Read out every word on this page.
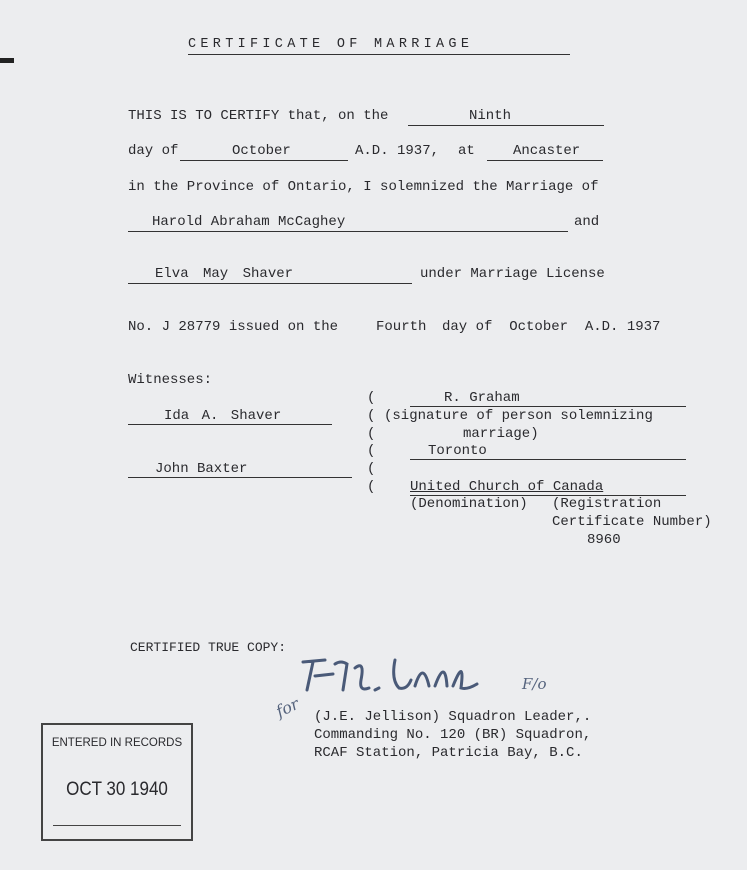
CERTIFICATE OF MARRIAGE
THIS IS TO CERTIFY that, on the	Ninth
day of	October	A.D. 1937, at	Ancaster
in the Province of Ontario, I solemnized the Marriage of
Harold Abraham McCaghey	and
Elva May Shaver	under Marriage License
No. J 28779 issued on the	Fourth day of  October  A.D. 1937
Witnesses:
Ida A. Shaver
John Baxter
(
(
(
(
(
(
R. Graham
(signature of person solemnizing
marriage)
Toronto
United Church of Canada
(Denomination) (Registration
Certificate Number)
8960
CERTIFIED TRUE COPY:
F/o
for (J.E. Jellison) Squadron Leader,.
Commanding No. 120 (BR) Squadron,
RCAF Station, Patricia Bay, B.C.
ENTERED IN RECORDS
OCT 30 1940
